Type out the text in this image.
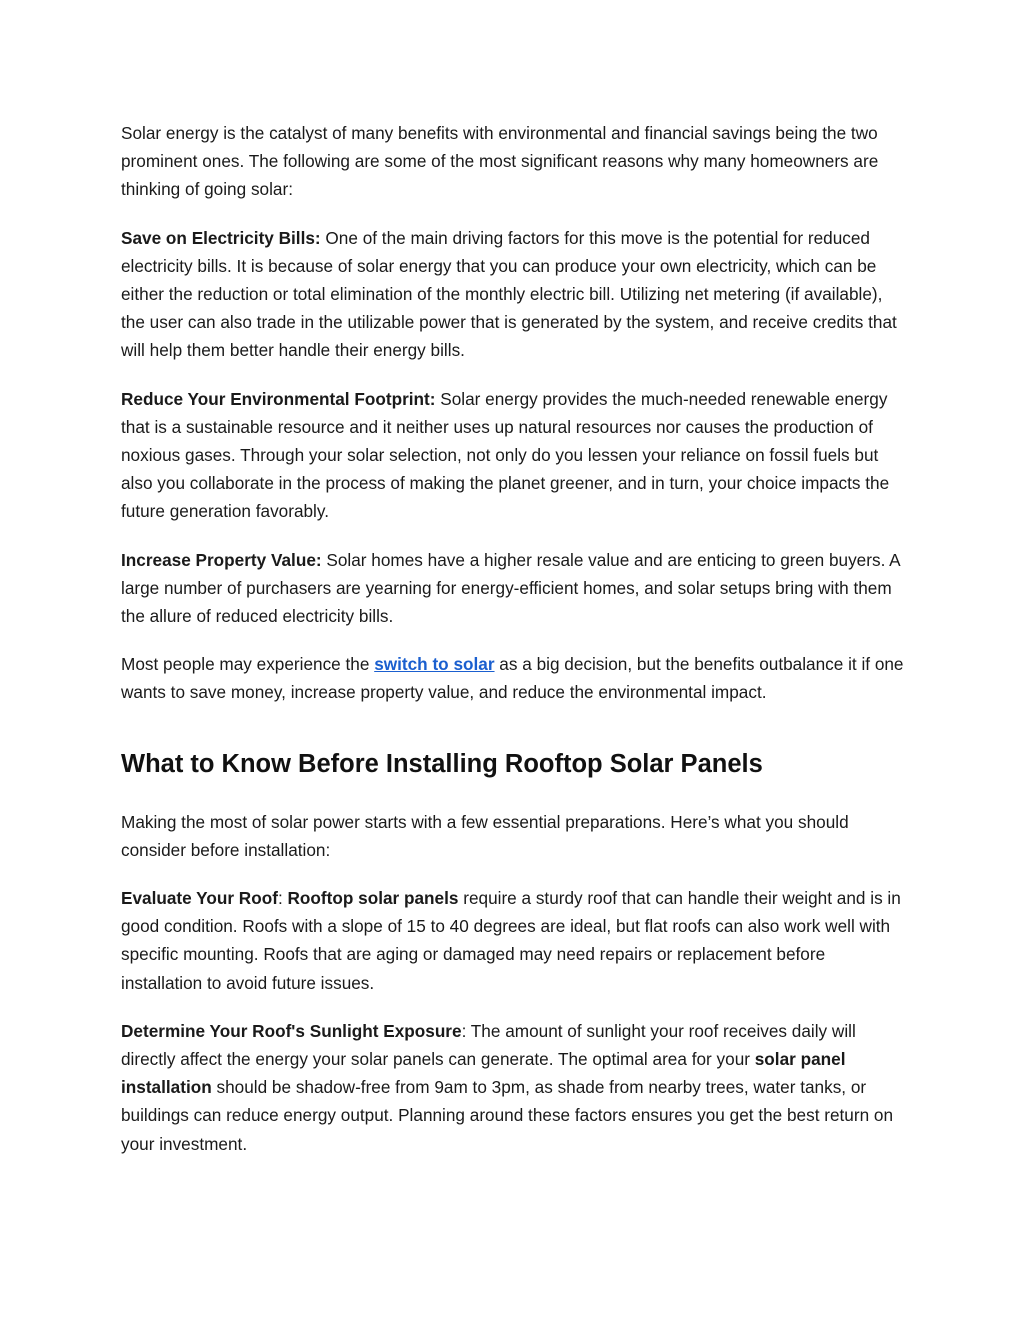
Solar energy is the catalyst of many benefits with environmental and financial savings being the two prominent ones. The following are some of the most significant reasons why many homeowners are thinking of going solar:

Save on Electricity Bills: One of the main driving factors for this move is the potential for reduced electricity bills. It is because of solar energy that you can produce your own electricity, which can be either the reduction or total elimination of the monthly electric bill. Utilizing net metering (if available), the user can also trade in the utilizable power that is generated by the system, and receive credits that will help them better handle their energy bills.

Reduce Your Environmental Footprint: Solar energy provides the much-needed renewable energy that is a sustainable resource and it neither uses up natural resources nor causes the production of noxious gases. Through your solar selection, not only do you lessen your reliance on fossil fuels but also you collaborate in the process of making the planet greener, and in turn, your choice impacts the future generation favorably.

Increase Property Value: Solar homes have a higher resale value and are enticing to green buyers. A large number of purchasers are yearning for energy-efficient homes, and solar setups bring with them the allure of reduced electricity bills.

Most people may experience the switch to solar as a big decision, but the benefits outbalance it if one wants to save money, increase property value, and reduce the environmental impact.

What to Know Before Installing Rooftop Solar Panels

Making the most of solar power starts with a few essential preparations. Here’s what you should consider before installation:

Evaluate Your Roof: Rooftop solar panels require a sturdy roof that can handle their weight and is in good condition. Roofs with a slope of 15 to 40 degrees are ideal, but flat roofs can also work well with specific mounting. Roofs that are aging or damaged may need repairs or replacement before installation to avoid future issues.

Determine Your Roof's Sunlight Exposure: The amount of sunlight your roof receives daily will directly affect the energy your solar panels can generate. The optimal area for your solar panel installation should be shadow-free from 9am to 3pm, as shade from nearby trees, water tanks, or buildings can reduce energy output. Planning around these factors ensures you get the best return on your investment.
